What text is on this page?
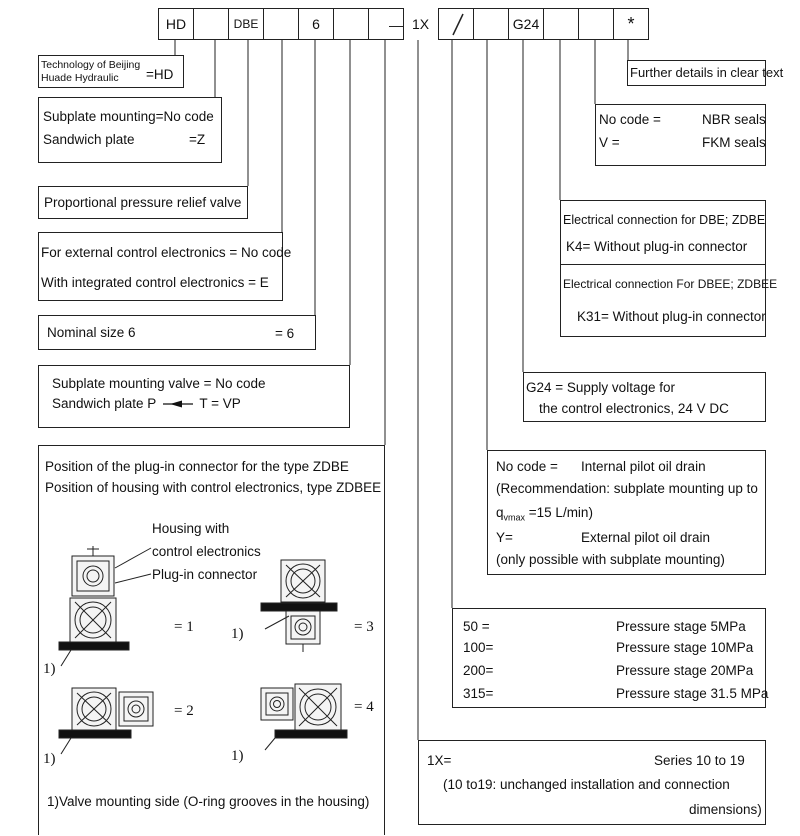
HD	DBE	6	— 1X	G24	*
Technology of Beijing
Huade Hydraulic =HD
Subplate mounting=No code
Sandwich plate	=Z
Proportional pressure relief valve
For external control electronics = No code
With integrated control electronics = E
Nominal size 6	= 6
Subplate mounting valve = No code
Sandwich plate P	T = VP
Position of the plug-in connector for the type ZDBE
Position of housing with control electronics, type ZDBEE
Housing with
control electronics
Plug-in connector
= 1
= 2
= 3
= 4
1)
1)
1)
1)
1)Valve mounting side (O-ring grooves in the housing)
Further details in clear text
No code =	NBR seals
V =	FKM seals
Electrical connection for DBE; ZDBE
K4= Without plug-in connector
Electrical connection For DBEE; ZDBEE
K31= Without plug-in connector
G24 = Supply voltage for
the control electronics, 24 V DC
No code = Internal pilot oil drain
(Recommendation: subplate mounting up to
$q_{vmax} =15$ L/min)
Y=	External pilot oil drain
(only possible with subplate mounting)
50 =	Pressure stage 5MPa
100=	Pressure stage 10MPa
200=	Pressure stage 20MPa
315=	Pressure stage 31.5 MPa
1X=	Series 10 to 19
(10 to19: unchanged installation and connection
dimensions)
